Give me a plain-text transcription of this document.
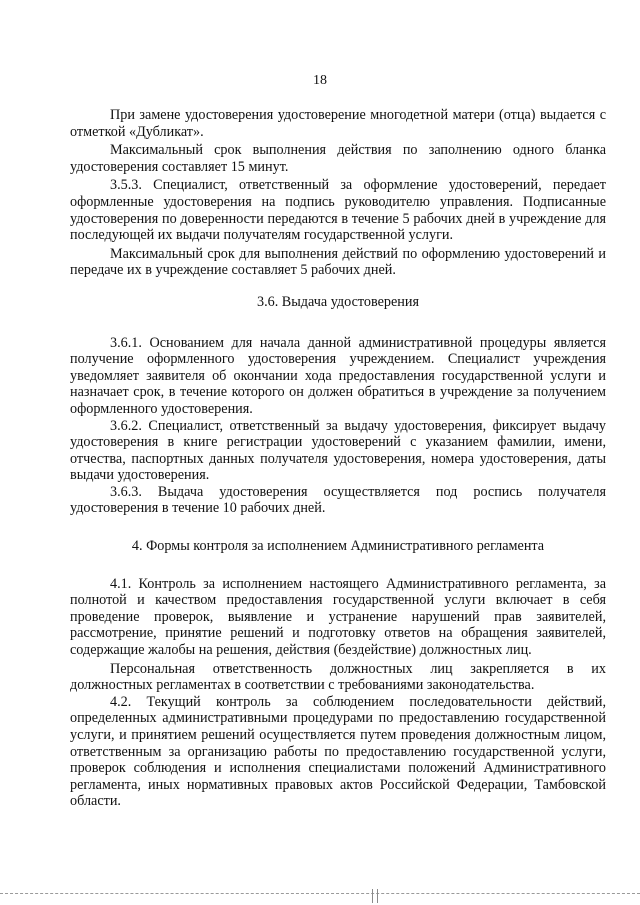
18

При замене удостоверения удостоверение многодетной матери (отца) выдается с отметкой «Дубликат».

Максимальный срок выполнения действия по заполнению одного бланка удостоверения составляет 15 минут.

3.5.3. Специалист, ответственный за оформление удостоверений, передает оформленные удостоверения на подпись руководителю управления. Подписанные удостоверения по доверенности передаются в течение 5 рабочих дней в учреждение для последующей их выдачи получателям государственной услуги.

Максимальный срок для выполнения действий по оформлению удостоверений и передаче их в учреждение составляет 5 рабочих дней.

3.6. Выдача удостоверения

3.6.1. Основанием для начала данной административной процедуры является получение оформленного удостоверения учреждением. Специалист учреждения уведомляет заявителя об окончании хода предоставления государственной услуги и назначает срок, в течение которого он должен обратиться в учреждение за получением оформленного удостоверения.

3.6.2. Специалист, ответственный за выдачу удостоверения, фиксирует выдачу удостоверения в книге регистрации удостоверений с указанием фамилии, имени, отчества, паспортных данных получателя удостоверения, номера удостоверения, даты выдачи удостоверения.

3.6.3. Выдача удостоверения осуществляется под роспись получателя удостоверения в течение 10 рабочих дней.

4. Формы контроля за исполнением Административного регламента

4.1. Контроль за исполнением настоящего Административного регламента, за полнотой и качеством предоставления государственной услуги включает в себя проведение проверок, выявление и устранение нарушений прав заявителей, рассмотрение, принятие решений и подготовку ответов на обращения заявителей, содержащие жалобы на решения, действия (бездействие) должностных лиц.

Персональная ответственность должностных лиц закрепляется в их должностных регламентах в соответствии с требованиями законодательства.

4.2. Текущий контроль за соблюдением последовательности действий, определенных административными процедурами по предоставлению государственной услуги, и принятием решений осуществляется путем проведения должностным лицом, ответственным за организацию работы по предоставлению государственной услуги, проверок соблюдения и исполнения специалистами положений Административного регламента, иных нормативных правовых актов Российской Федерации, Тамбовской области.
